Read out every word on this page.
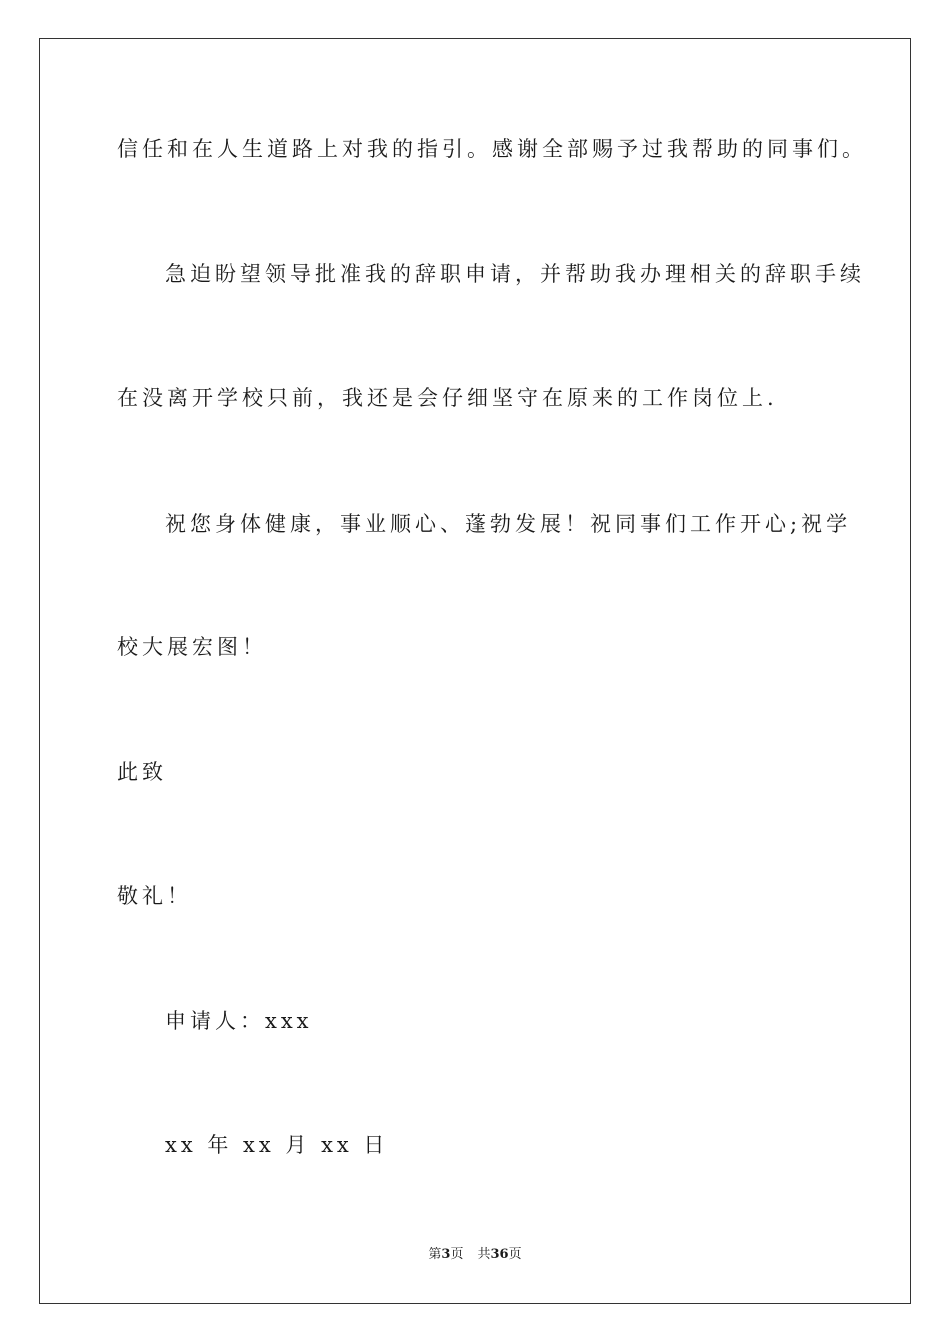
信任和在人生道路上对我的指引。感谢全部赐予过我帮助的同事们。
急迫盼望领导批准我的辞职申请，并帮助我办理相关的辞职手续
在没离开学校只前，我还是会仔细坚守在原来的工作岗位上.
祝您身体健康，事业顺心、蓬勃发展！祝同事们工作开心;祝学
校大展宏图！
此致
敬礼！
申请人：xxx
xx 年 xx 月 xx 日
第3页 共36页
